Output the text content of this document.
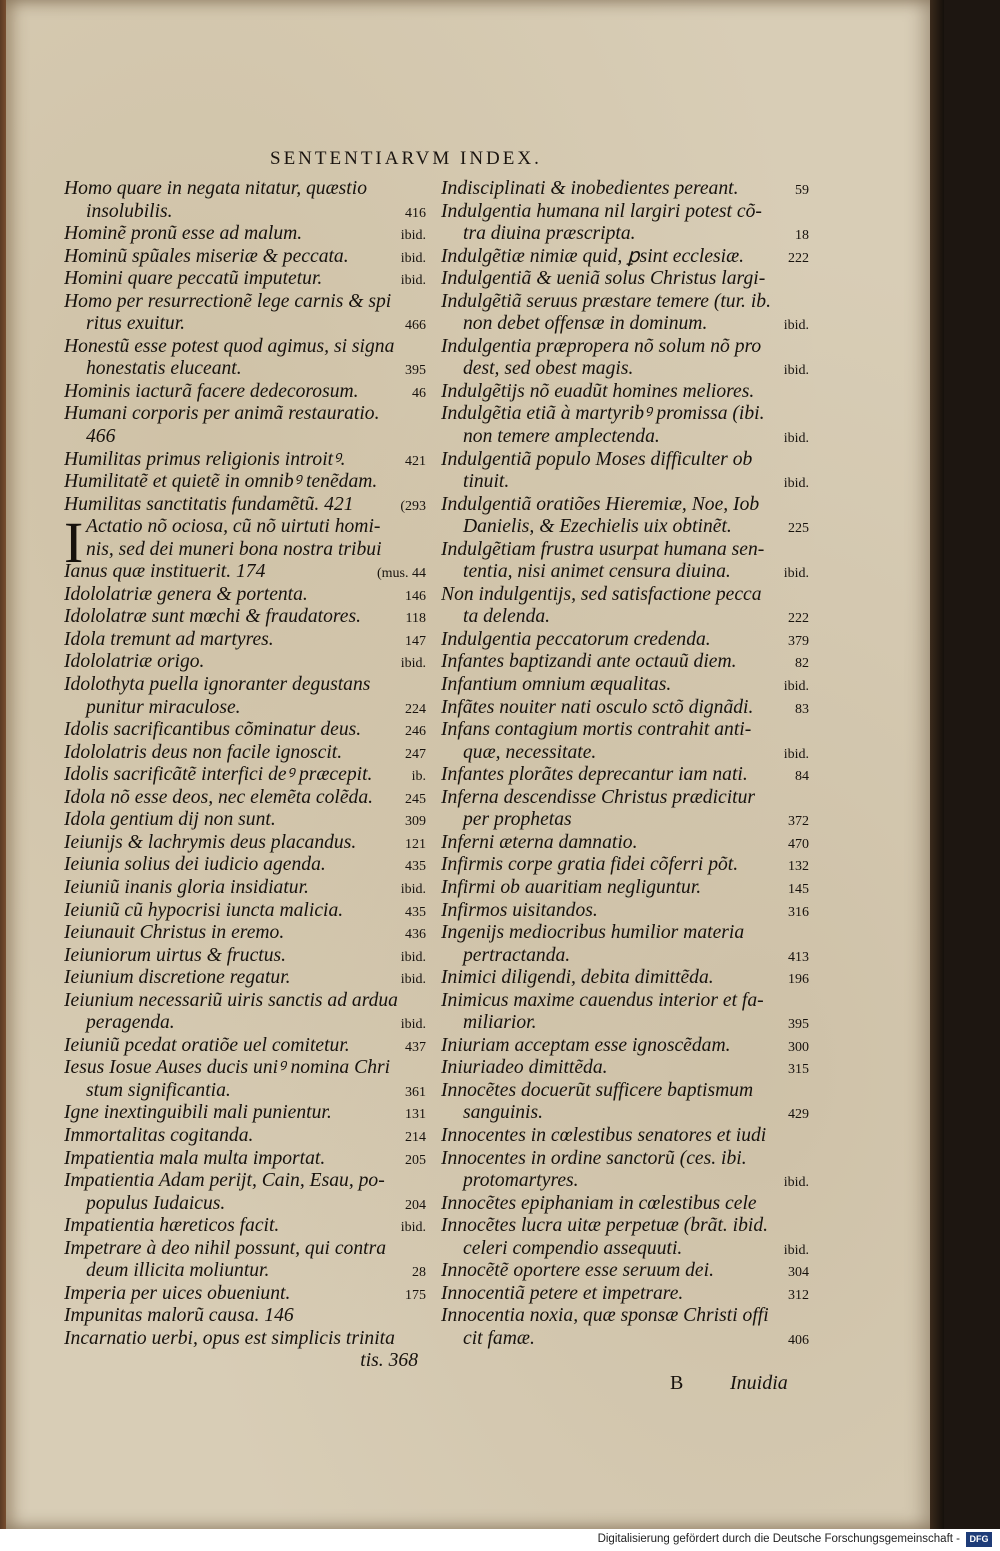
SENTENTIARVM INDEX.
I
Homo quare in negata nitatur, quæstio
insolubilis.	416
Hominẽ pronũ esse ad malum.	ibid.
Hominũ spũales miseriæ & peccata.	ibid.
Homini quare peccatũ imputetur.	ibid.
Homo per resurrectionẽ lege carnis & spi
ritus exuitur.	466
Honestũ esse potest quod agimus, si signa
honestatis eluceant.	395
Hominis iacturã facere dedecorosum.	46
Humani corporis per animã restauratio.
466
Humilitas primus religionis introitꝰ.	421
Humilitatẽ et quietẽ in omnibꝰ tenẽdam.
Humilitas sanctitatis fundamẽtũ. 421	(293
Actatio nõ ociosa, cũ nõ uirtuti homi-
nis, sed dei muneri bona nostra tribui
Ianus quæ instituerit. 174	(mus. 44
Idololatriæ genera & portenta.	146
Idololatræ sunt mœchi & fraudatores.	118
Idola tremunt ad martyres.	147
Idololatriæ origo.	ibid.
Idolothyta puella ignoranter degustans
punitur miraculose.	224
Idolis sacrificantibus cõminatur deus.	246
Idololatris deus non facile ignoscit.	247
Idolis sacrificãtẽ interfici deꝰ præcepit.	ib.
Idola nõ esse deos, nec elemẽta colẽda.	245
Idola gentium dij non sunt.	309
Ieiunijs & lachrymis deus placandus.	121
Ieiunia solius dei iudicio agenda.	435
Ieiuniũ inanis gloria insidiatur.	ibid.
Ieiuniũ cũ hypocrisi iuncta malicia.	435
Ieiunauit Christus in eremo.	436
Ieiuniorum uirtus & fructus.	ibid.
Ieiunium discretione regatur.	ibid.
Ieiunium necessariũ uiris sanctis ad ardua
peragenda.	ibid.
Ieiuniũ pcedat oratiõe uel comitetur.	437
Iesus Iosue Auses ducis uniꝰ nomina Chri
stum significantia.	361
Igne inextinguibili mali punientur.	131
Immortalitas cogitanda.	214
Impatientia mala multa importat.	205
Impatientia Adam perijt, Cain, Esau, po-
populus Iudaicus.	204
Impatientia hæreticos facit.	ibid.
Impetrare à deo nihil possunt, qui contra
deum illicita moliuntur.	28
Imperia per uices obueniunt.	175
Impunitas malorũ causa. 146
Incarnatio uerbi, opus est simplicis trinita
tis. 368
Indisciplinati & inobedientes pereant.	59
Indulgentia humana nil largiri potest cõ-
tra diuina præscripta.	18
Indulgẽtiæ nimiæ quid, ꝑsint ecclesiæ.	222
Indulgentiã & ueniã solus Christus largi-
Indulgẽtiã seruus præstare temere (tur. ib.
non debet offensæ in dominum.	ibid.
Indulgentia præpropera nõ solum nõ pro
dest, sed obest magis.	ibid.
Indulgẽtijs nõ euadũt homines meliores.
Indulgẽtia etiã à martyribꝰ promissa (ibi.
non temere amplectenda.	ibid.
Indulgentiã populo Moses difficulter ob
tinuit.	ibid.
Indulgentiã oratiões Hieremiæ, Noe, Iob
Danielis, & Ezechielis uix obtinẽt.	225
Indulgẽtiam frustra usurpat humana sen-
tentia, nisi animet censura diuina.	ibid.
Non indulgentijs, sed satisfactione pecca
ta delenda.	222
Indulgentia peccatorum credenda.	379
Infantes baptizandi ante octauũ diem.	82
Infantium omnium æqualitas.	ibid.
Infãtes nouiter nati osculo sctõ dignãdi.	83
Infans contagium mortis contrahit anti-
quæ, necessitate.	ibid.
Infantes plorãtes deprecantur iam nati.	84
Inferna descendisse Christus prædicitur
per prophetas	372
Inferni æterna damnatio.	470
Infirmis corpe gratia fidei cõferri põt.	132
Infirmi ob auaritiam negliguntur.	145
Infirmos uisitandos.	316
Ingenijs mediocribus humilior materia
pertractanda.	413
Inimici diligendi, debita dimittẽda.	196
Inimicus maxime cauendus interior et fa-
miliarior.	395
Iniuriam acceptam esse ignoscẽdam.	300
Iniuriadeo dimittẽda.	315
Innocẽtes docuerũt sufficere baptismum
sanguinis.	429
Innocentes in cœlestibus senatores et iudi
Innocentes in ordine sanctorũ (ces. ibi.
protomartyres.	ibid.
Innocẽtes epiphaniam in cœlestibus cele
Innocẽtes lucra uitæ perpetuæ (brãt. ibid.
celeri compendio assequuti.	ibid.
Innocẽtẽ oportere esse seruum dei.	304
Innocentiã petere et impetrare.	312
Innocentia noxia, quæ sponsæ Christi offi
cit famæ.	406
B Inuidia
Digitalisierung gefördert durch die Deutsche Forschungsgemeinschaft -	DFG
